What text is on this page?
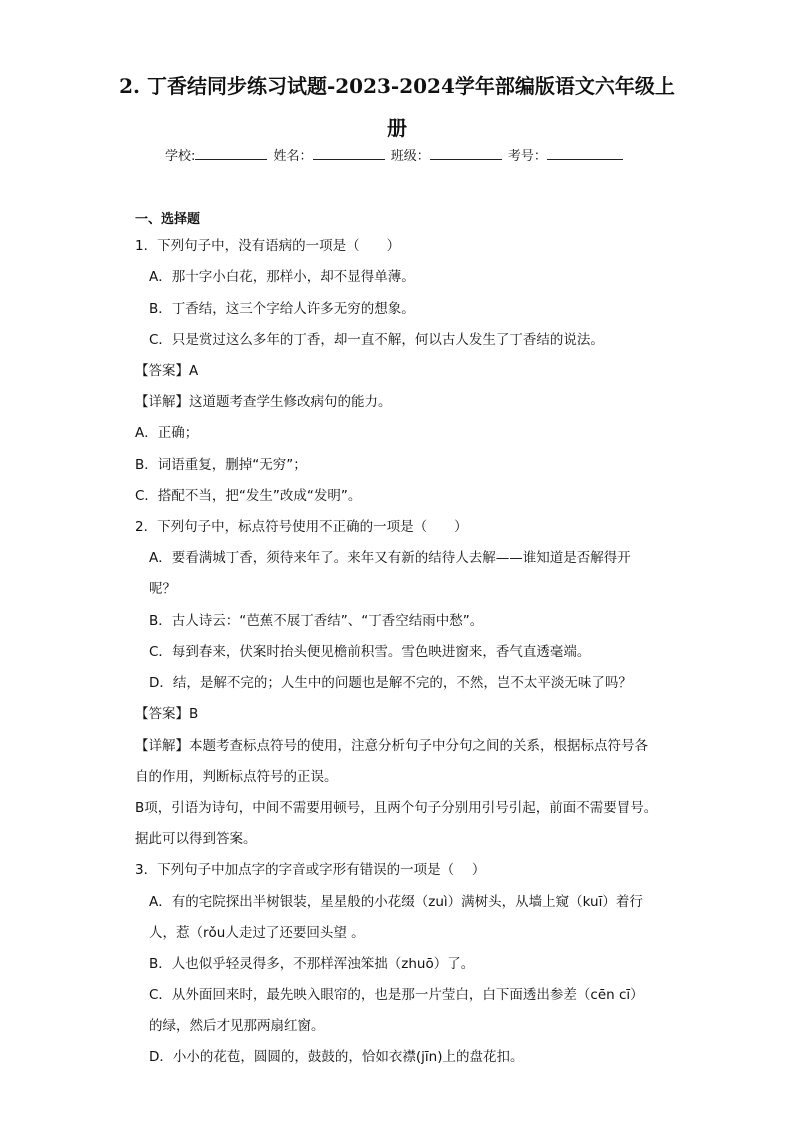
2. 丁香结同步练习试题-2023-2024学年部编版语文六年级上
册
学校:	姓名：	班级：	考号：
一、选择题
1．下列句子中，没有语病的一项是（　　）
A．那十字小白花，那样小，却不显得单薄。
B．丁香结，这三个字给人许多无穷的想象。
C．只是赏过这么多年的丁香，却一直不解，何以古人发生了丁香结的说法。
【答案】A
【详解】这道题考查学生修改病句的能力。
A．正确；
B．词语重复，删掉“无穷”；
C．搭配不当，把“发生”改成“发明”。
2．下列句子中，标点符号使用不正确的一项是（　　）
A．要看满城丁香，须待来年了。来年又有新的结待人去解——谁知道是否解得开
呢？
B．古人诗云：“芭蕉不展丁香结”、“丁香空结雨中愁”。
C．每到春来，伏案时抬头便见檐前积雪。雪色映进窗来，香气直透毫端。
D．结，是解不完的；人生中的问题也是解不完的，不然，岂不太平淡无味了吗？
【答案】B
【详解】本题考查标点符号的使用，注意分析句子中分句之间的关系，根据标点符号各
自的作用，判断标点符号的正误。
B项，引语为诗句，中间不需要用顿号，且两个句子分别用引号引起，前面不需要冒号。
据此可以得到答案。
3．下列句子中加点字的字音或字形有错误的一项是（　 ）
A．有的宅院探出半树银装，星星般的小花缀（zuì）满树头，从墙上窥（kuī）着行
人，惹（rǒu人走过了还要回头望 。
B．人也似乎轻灵得多，不那样浑浊笨拙（zhuō）了。
C．从外面回来时，最先映入眼帘的，也是那一片莹白，白下面透出参差（cēn cī）
的绿，然后才见那两扇红窗。
D．小小的花苞，圆圆的，鼓鼓的，恰如衣襟(jīn)上的盘花扣。
